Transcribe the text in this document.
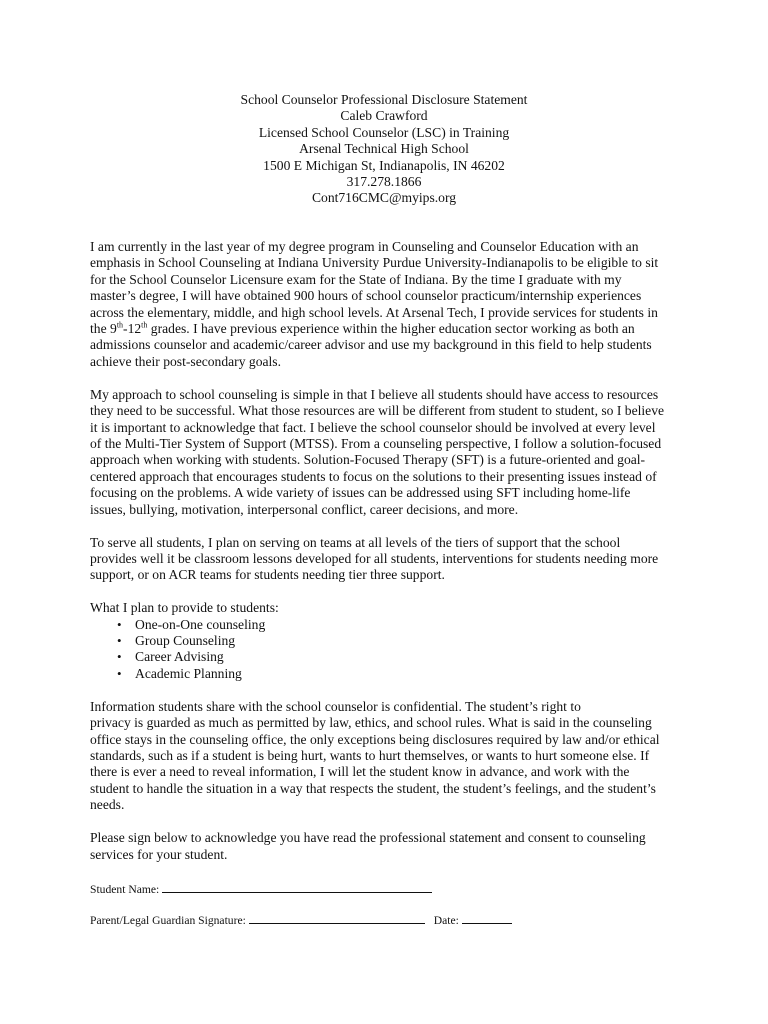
School Counselor Professional Disclosure Statement
Caleb Crawford
Licensed School Counselor (LSC) in Training
Arsenal Technical High School
1500 E Michigan St, Indianapolis, IN 46202
317.278.1866
Cont716CMC@myips.org

I am currently in the last year of my degree program in Counseling and Counselor Education with an
emphasis in School Counseling at Indiana University Purdue University-Indianapolis to be eligible to sit
for the School Counselor Licensure exam for the State of Indiana. By the time I graduate with my
master’s degree, I will have obtained 900 hours of school counselor practicum/internship experiences
across the elementary, middle, and high school levels. At Arsenal Tech, I provide services for students in
the 9th-12th grades. I have previous experience within the higher education sector working as both an
admissions counselor and academic/career advisor and use my background in this field to help students
achieve their post-secondary goals.

My approach to school counseling is simple in that I believe all students should have access to resources
they need to be successful. What those resources are will be different from student to student, so I believe
it is important to acknowledge that fact. I believe the school counselor should be involved at every level
of the Multi-Tier System of Support (MTSS). From a counseling perspective, I follow a solution-focused
approach when working with students. Solution-Focused Therapy (SFT) is a future-oriented and goal-
centered approach that encourages students to focus on the solutions to their presenting issues instead of
focusing on the problems. A wide variety of issues can be addressed using SFT including home-life
issues, bullying, motivation, interpersonal conflict, career decisions, and more.

To serve all students, I plan on serving on teams at all levels of the tiers of support that the school
provides well it be classroom lessons developed for all students, interventions for students needing more
support, or on ACR teams for students needing tier three support.

What I plan to provide to students:

• One-on-One counseling
• Group Counseling
• Career Advising
• Academic Planning

Information students share with the school counselor is confidential. The student’s right to
privacy is guarded as much as permitted by law, ethics, and school rules. What is said in the counseling
office stays in the counseling office, the only exceptions being disclosures required by law and/or ethical
standards, such as if a student is being hurt, wants to hurt themselves, or wants to hurt someone else. If
there is ever a need to reveal information, I will let the student know in advance, and work with the
student to handle the situation in a way that respects the student, the student’s feelings, and the student’s
needs.

Please sign below to acknowledge you have read the professional statement and consent to counseling
services for your student.

Student Name:
Parent/Legal Guardian Signature:	Date:
